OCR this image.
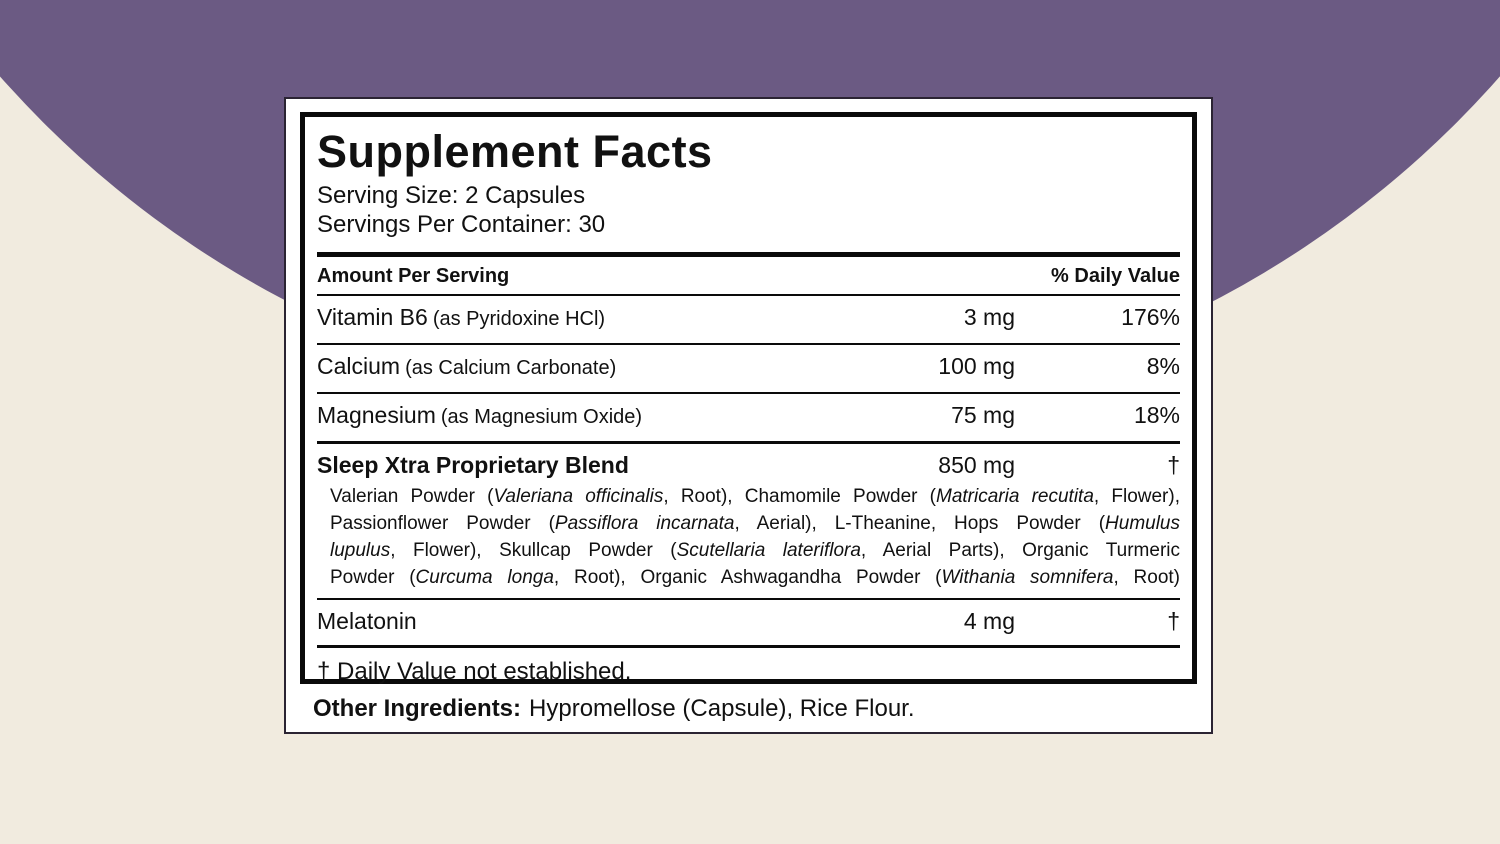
Supplement Facts
Serving Size: 2 Capsules
Servings Per Container: 30
Amount Per Serving	% Daily Value
Vitamin B6 (as Pyridoxine HCl)	3 mg	176%
Calcium (as Calcium Carbonate)	100 mg	8%
Magnesium (as Magnesium Oxide)	75 mg	18%
Sleep Xtra Proprietary Blend	850 mg	†
Valerian Powder (Valeriana officinalis, Root), Chamomile Powder (Matricaria recutita, Flower),
Passionflower Powder (Passiflora incarnata, Aerial), L-Theanine, Hops Powder (Humulus
lupulus, Flower), Skullcap Powder (Scutellaria lateriflora, Aerial Parts), Organic Turmeric
Powder (Curcuma longa, Root), Organic Ashwagandha Powder (Withania somnifera, Root)
Melatonin	4 mg	†
† Daily Value not established.
Other Ingredients: Hypromellose (Capsule), Rice Flour.
